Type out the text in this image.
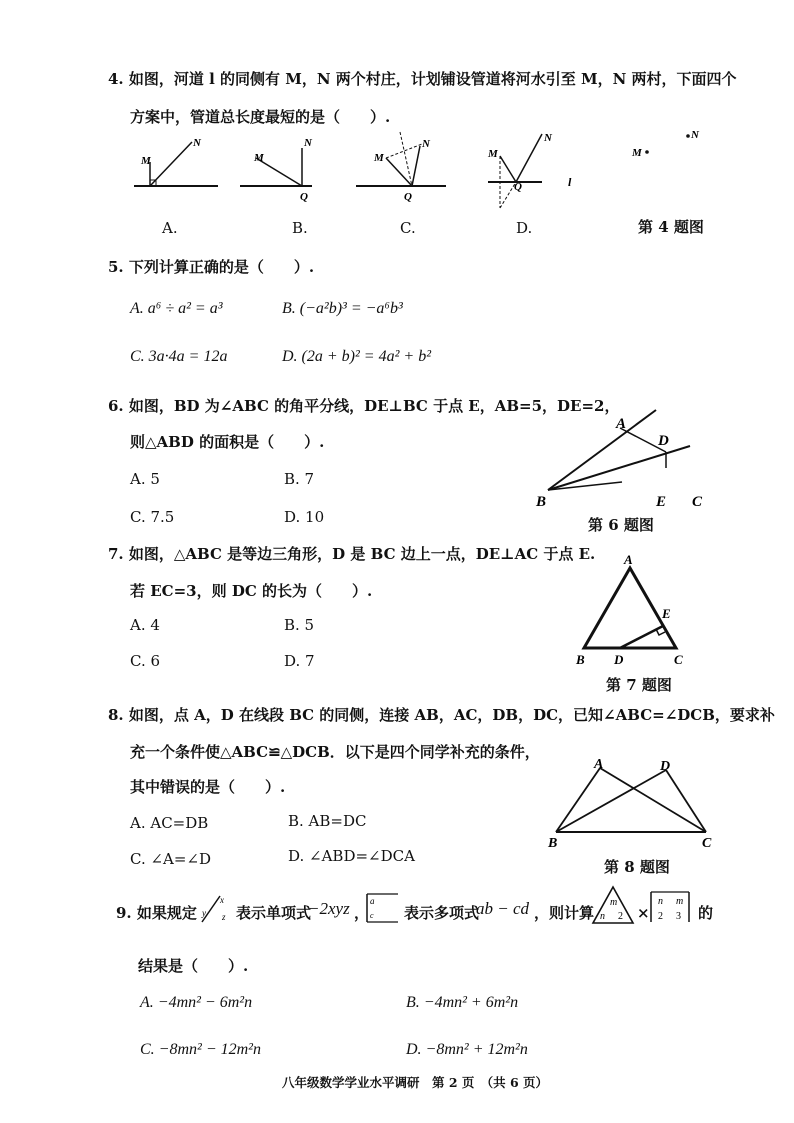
4. 如图，河道 l 的同侧有 M，N 两个村庄，计划铺设管道将河水引至 M，N 两村，下面四个
方案中，管道总长度最短的是（　　）.
M
N
M
N
Q
M
N
Q
M
N
Q	l
M
N
A.	B.	C.	D.	第 4 题图
5. 下列计算正确的是（　　）.
A. a⁶ ÷ a² = a³	B. (−a²b)³ = −a⁶b³
C. 3a·4a = 12a	D. (2a + b)² = 4a² + b²
6. 如图，BD 为∠ABC 的角平分线，DE⊥BC 于点 E，AB=5，DE=2，
则△ABD 的面积是（　　）.
A. 5	B. 7
C. 7.5	D. 10
A
D
B	E C
第 6 题图
7. 如图，△ABC 是等边三角形，D 是 BC 边上一点，DE⊥AC 于点 E.
若 EC=3，则 DC 的长为（　　）.
A. 4	B. 5
C. 6	D. 7
A
E
B D	C
第 7 题图
8. 如图，点 A，D 在线段 BC 的同侧，连接 AB，AC，DB，DC，已知∠ABC=∠DCB，要求补
充一个条件使△ABC≌△DCB．以下是四个同学补充的条件，
其中错误的是（　　）.
A. AC=DB	B. AB=DC
C. ∠A=∠D	D. ∠ABD=∠DCA
A	D
B	C
第 8 题图
9. 如果规定
x
y z 表示单项式
−2xyz ，
a
c 表示多项式
ab − cd ，则计算
m
n 2 ×
n m
2 3 的
结果是（　　）.
A. −4mn² − 6m²n	B. −4mn² + 6m²n
C. −8mn² − 12m²n	D. −8mn² + 12m²n
八年级数学学业水平调研　第 2 页　（共 6 页）
